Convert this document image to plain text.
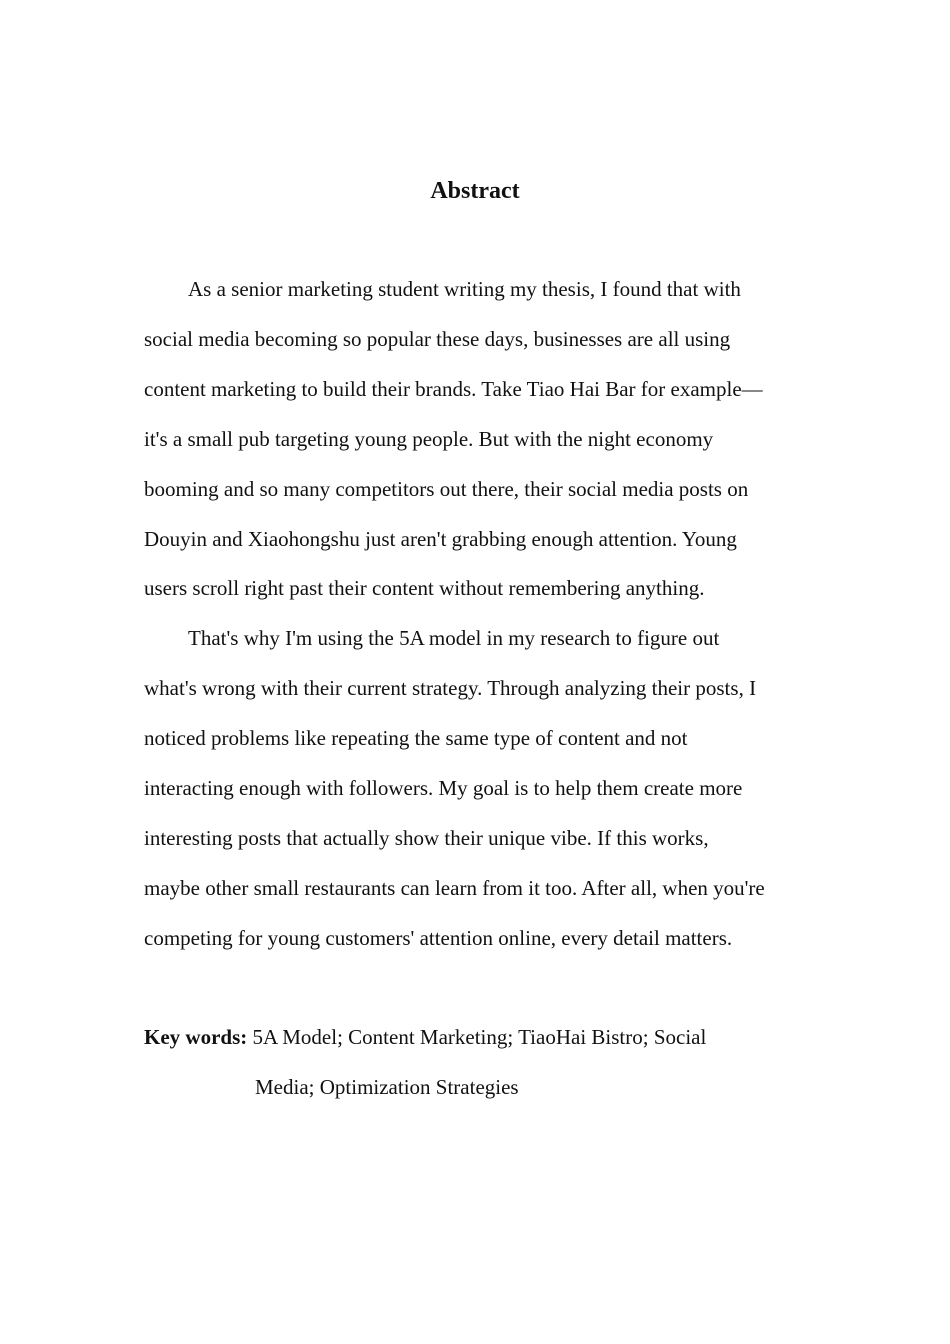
Abstract

As a senior marketing student writing my thesis, I found that with
social media becoming so popular these days, businesses are all using
content marketing to build their brands. Take Tiao Hai Bar for example—
it's a small pub targeting young people. But with the night economy
booming and so many competitors out there, their social media posts on
Douyin and Xiaohongshu just aren't grabbing enough attention. Young
users scroll right past their content without remembering anything.

That's why I'm using the 5A model in my research to figure out
what's wrong with their current strategy. Through analyzing their posts, I
noticed problems like repeating the same type of content and not
interacting enough with followers. My goal is to help them create more
interesting posts that actually show their unique vibe. If this works,
maybe other small restaurants can learn from it too. After all, when you're
competing for young customers' attention online, every detail matters.

Key words: 5A Model; Content Marketing; TiaoHai Bistro; Social
Media; Optimization Strategies
